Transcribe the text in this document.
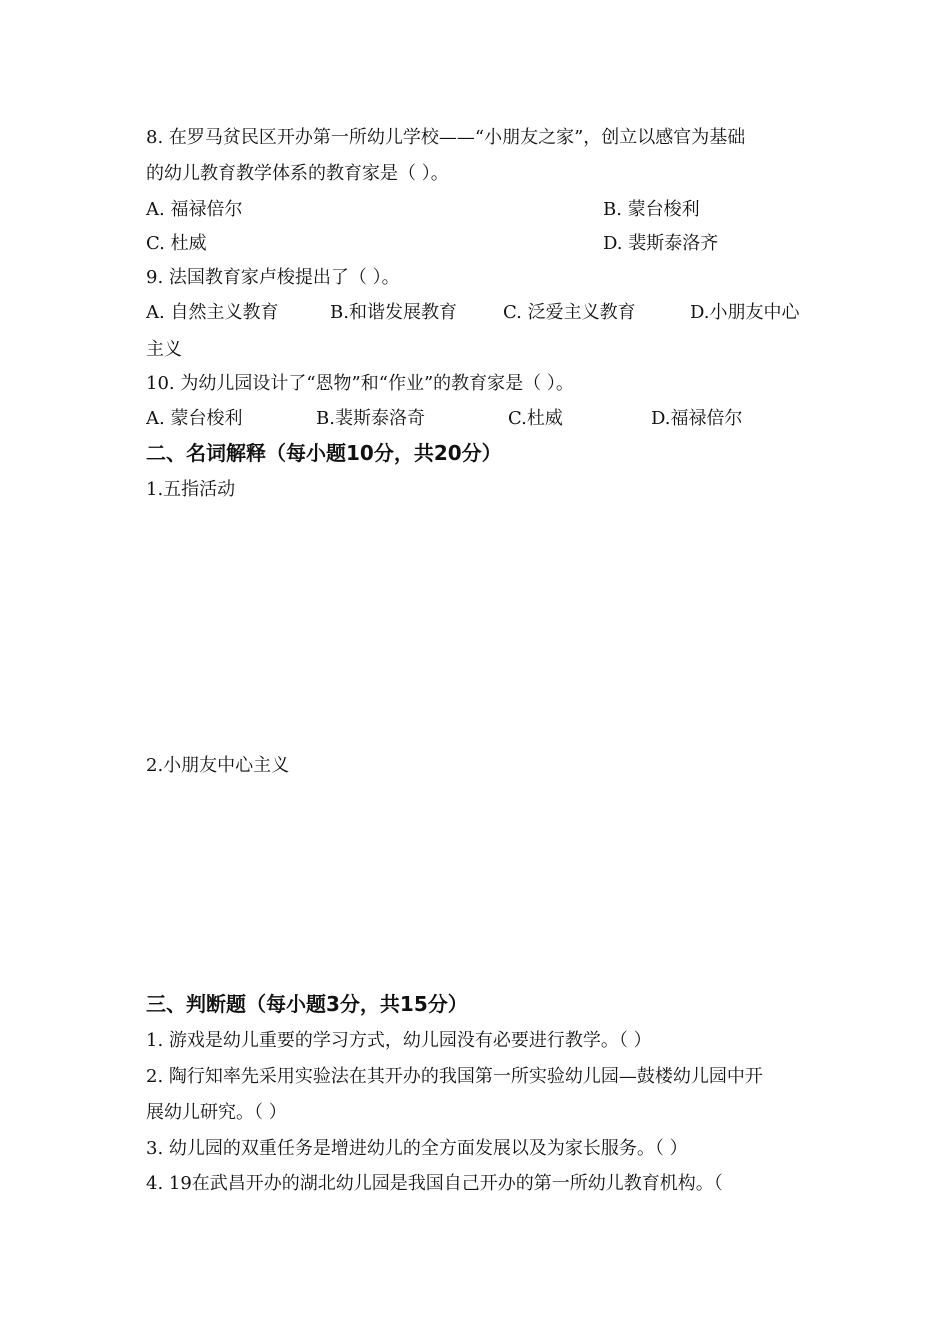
8. 在罗马贫民区开办第一所幼儿学校——“小朋友之家”，创立以感官为基础
的幼儿教育教学体系的教育家是（ ）。
A. 福禄倍尔	B. 蒙台梭利
C. 杜威	D. 裴斯泰洛齐
9. 法国教育家卢梭提出了（ ）。
A. 自然主义教育	B.和谐发展教育	C. 泛爱主义教育	D.小朋友中心
主义
10. 为幼儿园设计了“恩物”和“作业”的教育家是（ ）。
A. 蒙台梭利	B.裴斯泰洛奇	C.杜威	D.福禄倍尔
二、名词解释（每小题10分，共20分）
1.五指活动
2.小朋友中心主义
三、判断题（每小题3分，共15分）
1. 游戏是幼儿重要的学习方式，幼儿园没有必要进行教学。（ ）
2. 陶行知率先采用实验法在其开办的我国第一所实验幼儿园—鼓楼幼儿园中开
展幼儿研究。（ ）
3. 幼儿园的双重任务是增进幼儿的全方面发展以及为家长服务。（ ）
4. 19在武昌开办的湖北幼儿园是我国自己开办的第一所幼儿教育机构。（
